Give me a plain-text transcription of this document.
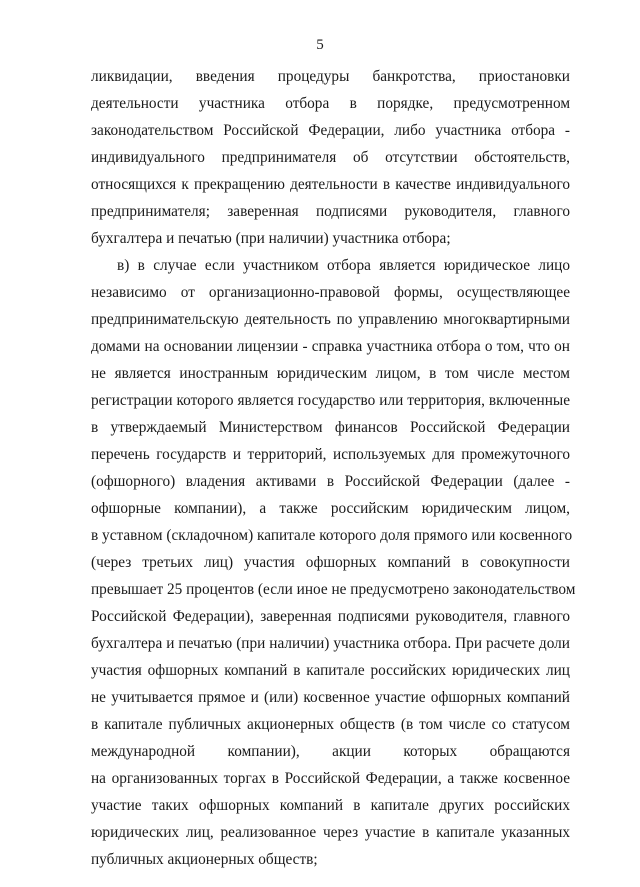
5
ликвидации, введения процедуры банкротства, приостановки
деятельности участника отбора в порядке, предусмотренном
законодательством Российской Федерации, либо участника отбора -
индивидуального предпринимателя об отсутствии обстоятельств,
относящихся к прекращению деятельности в качестве индивидуального
предпринимателя; заверенная подписями руководителя, главного
бухгалтера и печатью (при наличии) участника отбора;
в) в случае если участником отбора является юридическое лицо
независимо от организационно-правовой формы, осуществляющее
предпринимательскую деятельность по управлению многоквартирными
домами на основании лицензии - справка участника отбора о том, что он
не является иностранным юридическим лицом, в том числе местом
регистрации которого является государство или территория, включенные
в утверждаемый Министерством финансов Российской Федерации
перечень государств и территорий, используемых для промежуточного
(офшорного) владения активами в Российской Федерации (далее -
офшорные компании), а также российским юридическим лицом,
в уставном (складочном) капитале которого доля прямого или косвенного
(через третьих лиц) участия офшорных компаний в совокупности
превышает 25 процентов (если иное не предусмотрено законодательством
Российской Федерации), заверенная подписями руководителя, главного
бухгалтера и печатью (при наличии) участника отбора. При расчете доли
участия офшорных компаний в капитале российских юридических лиц
не учитывается прямое и (или) косвенное участие офшорных компаний
в капитале публичных акционерных обществ (в том числе со статусом
международной компании), акции которых обращаются
на организованных торгах в Российской Федерации, а также косвенное
участие таких офшорных компаний в капитале других российских
юридических лиц, реализованное через участие в капитале указанных
публичных акционерных обществ;
